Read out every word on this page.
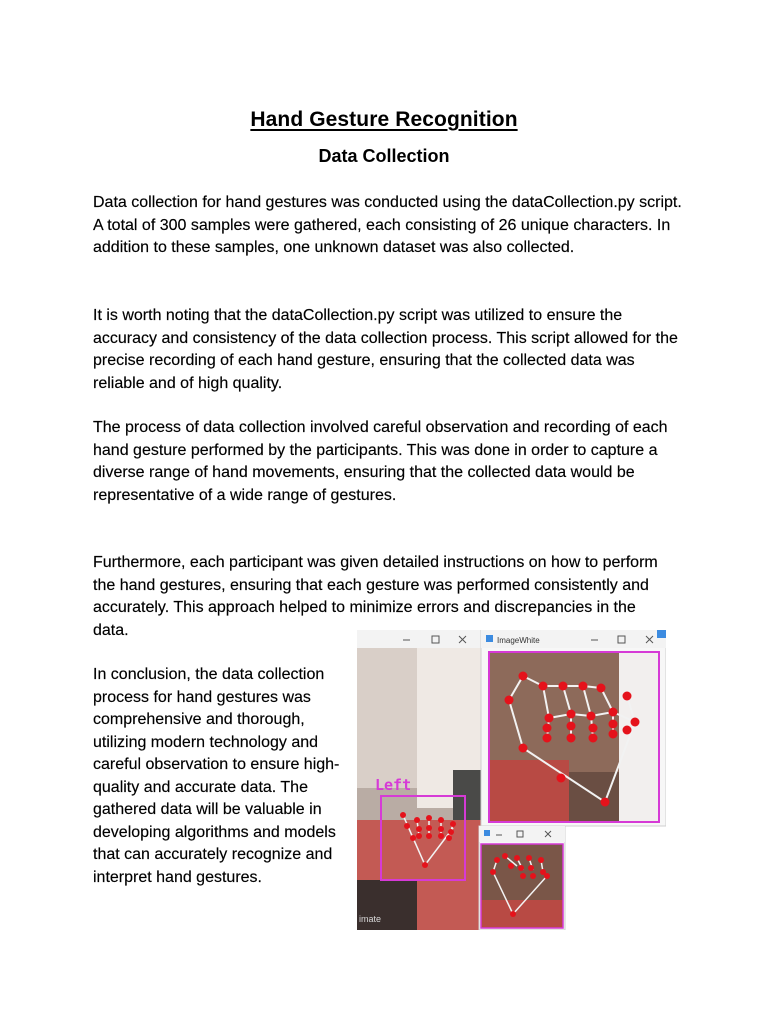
Hand Gesture Recognition
Data Collection

Data collection for hand gestures was conducted using the dataCollection.py script. A total of 300 samples were gathered, each consisting of 26 unique characters. In addition to these samples, one unknown dataset was also collected.

It is worth noting that the dataCollection.py script was utilized to ensure the accuracy and consistency of the data collection process. This script allowed for the precise recording of each hand gesture, ensuring that the collected data was reliable and of high quality.

The process of data collection involved careful observation and recording of each hand gesture performed by the participants. This was done in order to capture a diverse range of hand movements, ensuring that the collected data would be representative of a wide range of gestures.

Furthermore, each participant was given detailed instructions on how to perform the hand gestures, ensuring that each gesture was performed consistently and accurately. This approach helped to minimize errors and discrepancies in the data.

In conclusion, the data collection process for hand gestures was comprehensive and thorough, utilizing modern technology and careful observation to ensure high-quality and accurate data. The gathered data will be valuable in developing algorithms and models that can accurately recognize and interpret hand gestures.

imate
Left
ImageWhite
